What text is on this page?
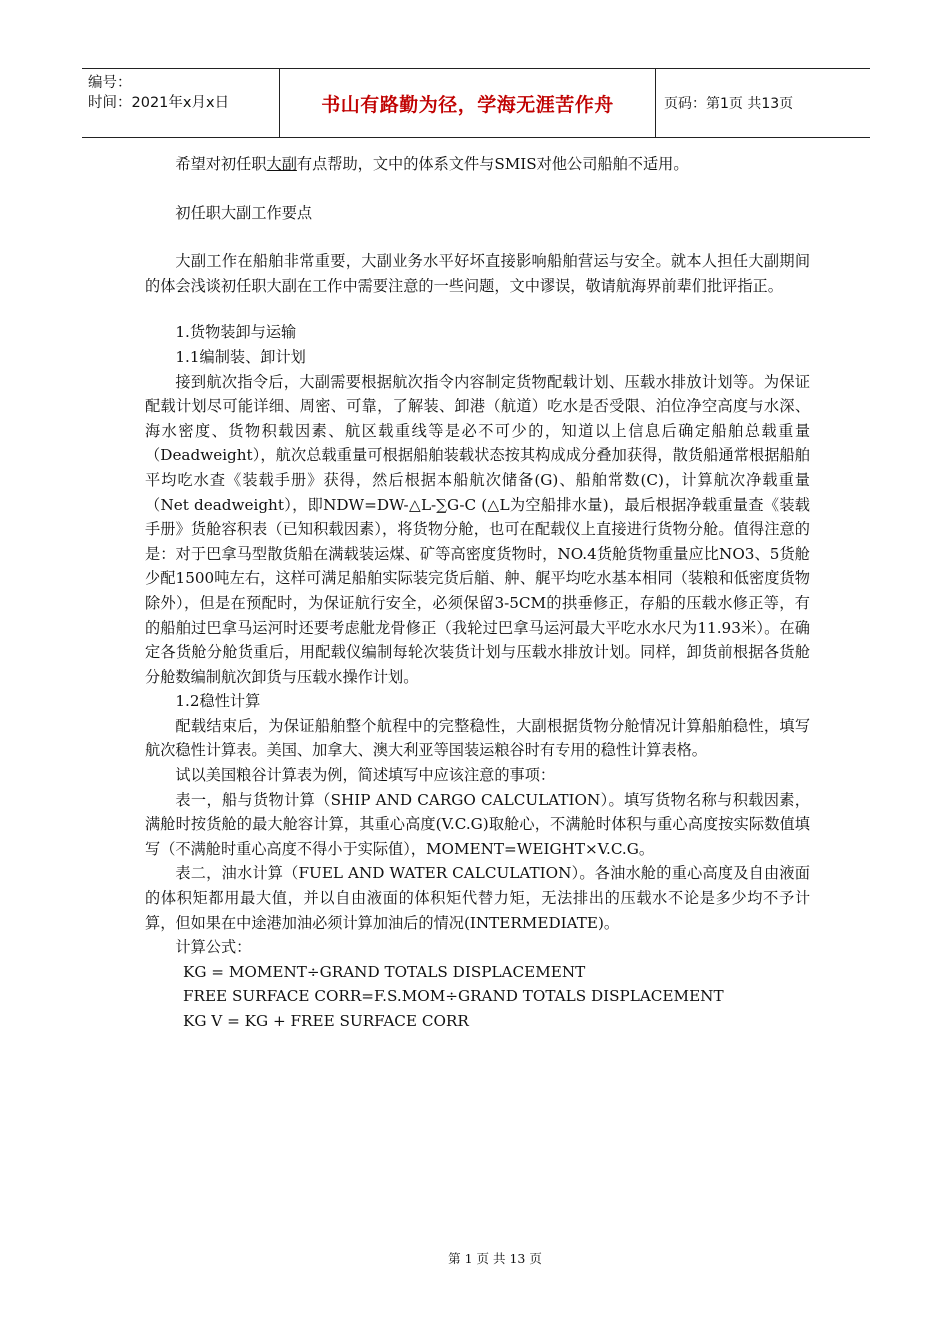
编号：
时间：2021年x月x日	书山有路勤为径，学海无涯苦作舟	页码：第1页 共13页

希望对初任职大副有点帮助，文中的体系文件与SMIS对他公司船舶不适用。

初任职大副工作要点

大副工作在船舶非常重要，大副业务水平好坏直接影响船舶营运与安全。就本人担任大副期间的体会浅谈初任职大副在工作中需要注意的一些问题，文中谬误，敬请航海界前辈们批评指正。

1.货物装卸与运输

1.1编制装、卸计划

接到航次指令后，大副需要根据航次指令内容制定货物配载计划、压载水排放计划等。为保证配载计划尽可能详细、周密、可靠，了解装、卸港（航道）吃水是否受限、泊位净空高度与水深、海水密度、货物积载因素、航区载重线等是必不可少的，知道以上信息后确定船舶总载重量（Deadweight），航次总载重量可根据船舶装载状态按其构成成分叠加获得，散货船通常根据船舶平均吃水查《装载手册》获得，然后根据本船航次储备(G)、船舶常数(C)，计算航次净载重量（Net deadweight），即NDW=DW-△L-∑G-C (△L为空船排水量)，最后根据净载重量查《装载手册》货舱容积表（已知积载因素），将货物分舱，也可在配载仪上直接进行货物分舱。值得注意的是：对于巴拿马型散货船在满载装运煤、矿等高密度货物时，NO.4货舱货物重量应比NO3、5货舱少配1500吨左右，这样可满足船舶实际装完货后艏、舯、艉平均吃水基本相同（装粮和低密度货物除外），但是在预配时，为保证航行安全，必须保留3-5CM的拱垂修正，存船的压载水修正等，有的船舶过巴拿马运河时还要考虑舭龙骨修正（我轮过巴拿马运河最大平吃水水尺为11.93米）。在确定各货舱分舱货重后，用配载仪编制每轮次装货计划与压载水排放计划。同样，卸货前根据各货舱分舱数编制航次卸货与压载水操作计划。

1.2稳性计算

配载结束后，为保证船舶整个航程中的完整稳性，大副根据货物分舱情况计算船舶稳性，填写航次稳性计算表。美国、加拿大、澳大利亚等国装运粮谷时有专用的稳性计算表格。

试以美国粮谷计算表为例，简述填写中应该注意的事项：

表一，船与货物计算（SHIP AND CARGO CALCULATION）。填写货物名称与积载因素，满舱时按货舱的最大舱容计算，其重心高度(V.C.G)取舱心，不满舱时体积与重心高度按实际数值填写（不满舱时重心高度不得小于实际值），MOMENT=WEIGHT×V.C.G。

表二，油水计算（FUEL AND WATER CALCULATION）。各油水舱的重心高度及自由液面的体积矩都用最大值，并以自由液面的体积矩代替力矩，无法排出的压载水不论是多少均不予计算，但如果在中途港加油必须计算加油后的情况(INTERMEDIATE)。

计算公式：

KG = MOMENT÷GRAND TOTALS DISPLACEMENT

FREE SURFACE CORR=F.S.MOM÷GRAND TOTALS DISPLACEMENT

KG V = KG + FREE SURFACE CORR

第 1 页 共 13 页
